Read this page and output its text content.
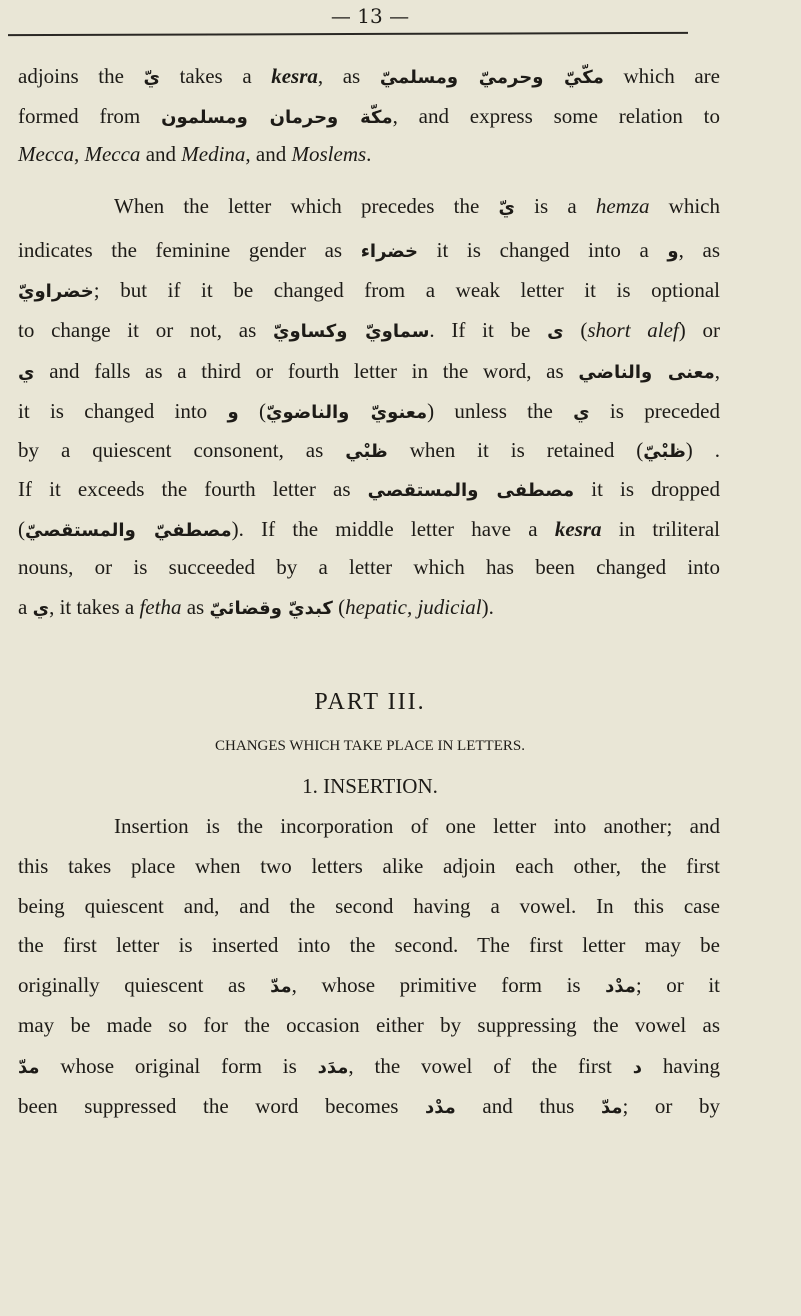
— 13 —
adjoins the يّ takes a kesra, as مكّيّ وحرميّ ومسلميّ which are
formed from مكّة وحرمان ومسلمون, and express some relation to
Mecca, Mecca and Medina, and Moslems.
When the letter which precedes the يّ is a hemza which
indicates the feminine gender as خضراء it is changed into a و, as
خضراويّ; but if it be changed from a weak letter it is optional
to change it or not, as سماويّ وكساويّ. If it be ى (short alef) or
ي and falls as a third or fourth letter in the word, as معنى والناضي,
it is changed into و (معنويّ والناضويّ) unless the ي is preceded
by a quiescent consonent, as ظبْي when it is retained (ظبْيّ) .
If it exceeds the fourth letter as مصطفى والمستقصي it is dropped
(مصطفيّ والمستقصيّ). If the middle letter have a kesra in triliteral
nouns, or is succeeded by a letter which has been changed into
a ي, it takes a fetha as كبديّ وقضائيّ (hepatic, judicial).
PART III.
CHANGES WHICH TAKE PLACE IN LETTERS.
1. INSERTION.
Insertion is the incorporation of one letter into another; and
this takes place when two letters alike adjoin each other, the first
being quiescent and, and the second having a vowel. In this case
the first letter is inserted into the second. The first letter may be
originally quiescent as مدّ, whose primitive form is مدْد; or it
may be made so for the occasion either by suppressing the vowel as
مدّ whose original form is مدَد, the vowel of the first د having
been suppressed the word becomes مدْد and thus مدّ; or by
